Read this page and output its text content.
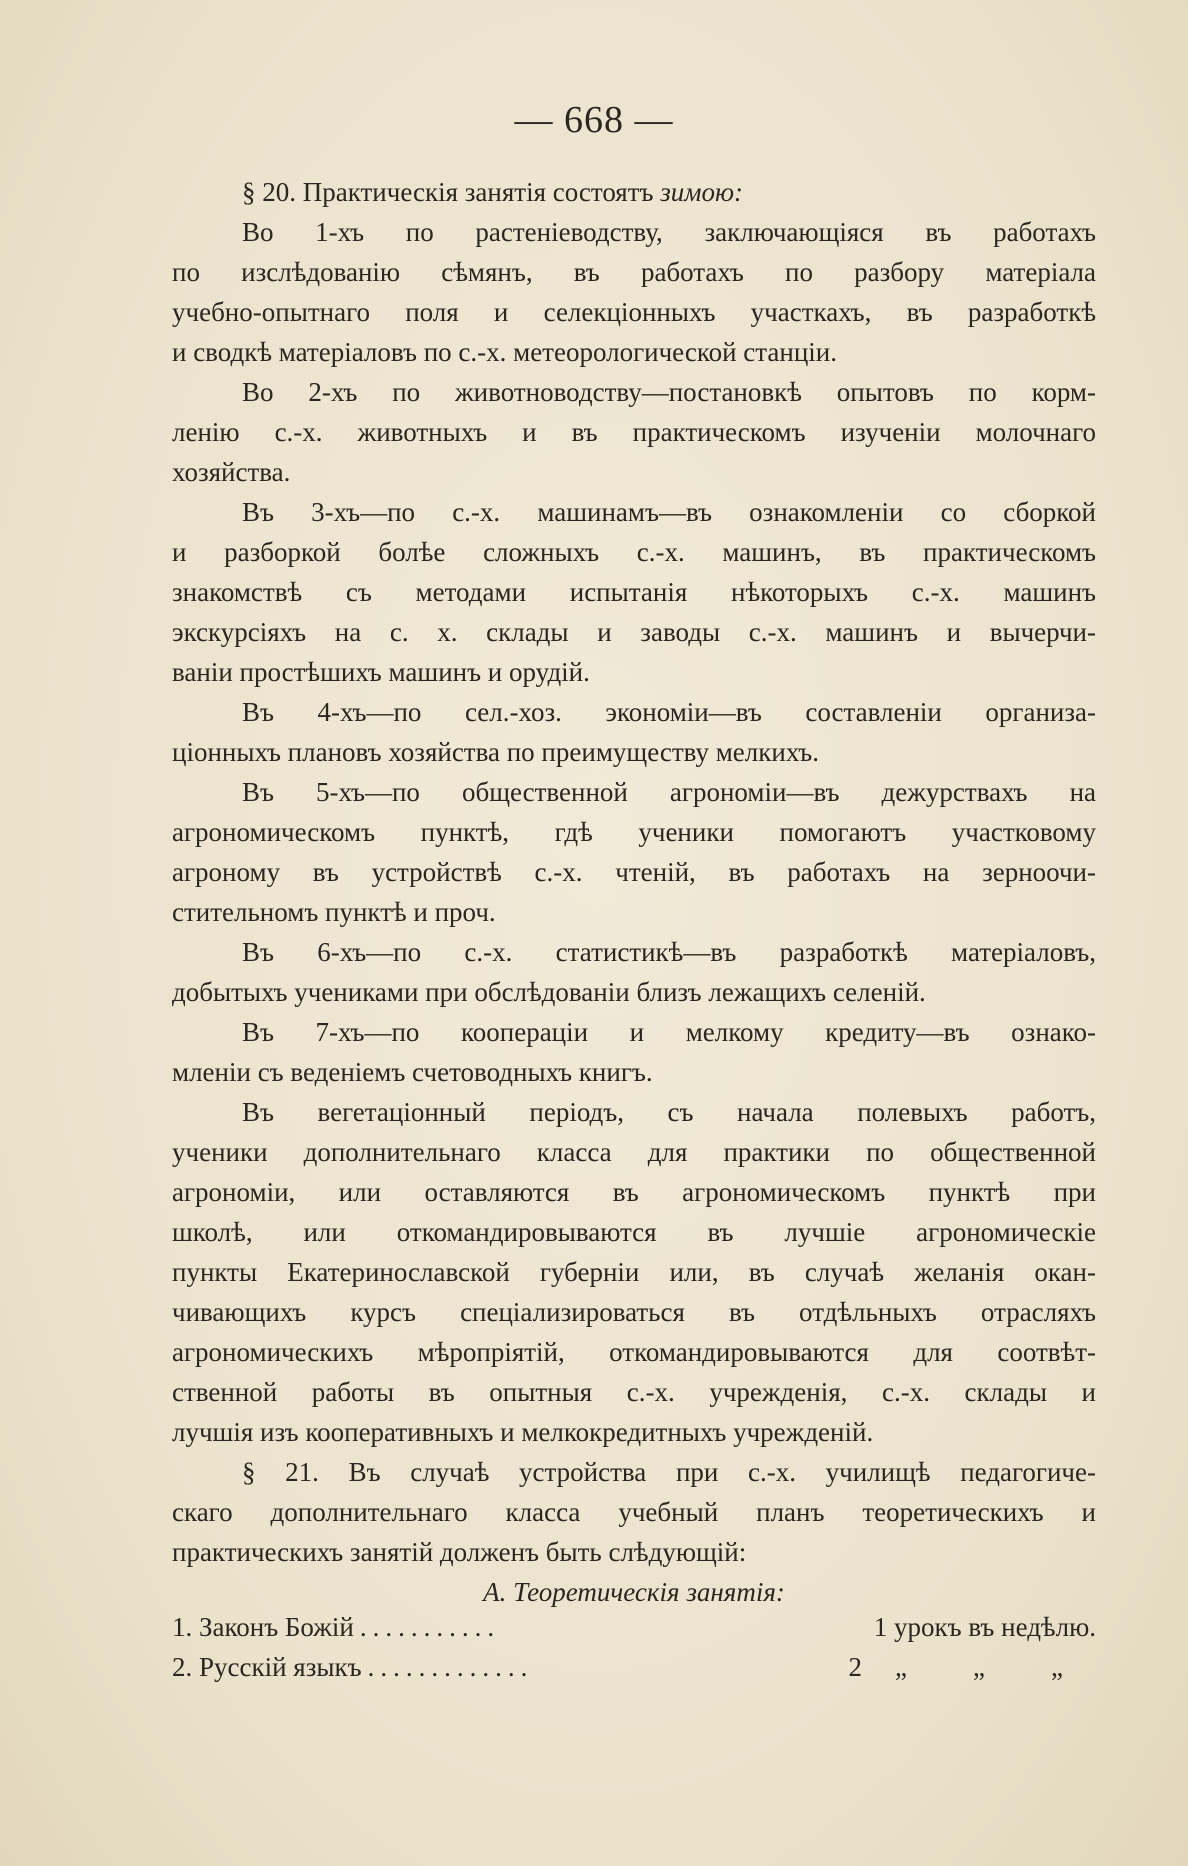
— 668 —
§ 20. Практическія занятія состоятъ зимою:
Во 1-хъ по растеніеводству, заключающіяся въ работахъ
по изслѣдованію сѣмянъ, въ работахъ по разбору матеріала
учебно-опытнаго поля и селекціонныхъ участкахъ, въ разработкѣ
и сводкѣ матеріаловъ по с.-х. метеорологической станціи.
Во 2-хъ по животноводству—постановкѣ опытовъ по корм-
ленію с.-х. животныхъ и въ практическомъ изученіи молочнаго
хозяйства.
Въ 3-хъ—по с.-х. машинамъ—въ ознакомленіи со сборкой
и разборкой болѣе сложныхъ с.-х. машинъ, въ практическомъ
знакомствѣ съ методами испытанія нѣкоторыхъ с.-х. машинъ
экскурсіяхъ на с. х. склады и заводы с.-х. машинъ и вычерчи-
ваніи простѣшихъ машинъ и орудій.
Въ 4-хъ—по сел.-хоз. экономіи—въ составленіи организа-
ціонныхъ плановъ хозяйства по преимуществу мелкихъ.
Въ 5-хъ—по общественной агрономіи—въ дежурствахъ на
агрономическомъ пунктѣ, гдѣ ученики помогаютъ участковому
агроному въ устройствѣ с.-х. чтеній, въ работахъ на зерноочи-
стительномъ пунктѣ и проч.
Въ 6-хъ—по с.-х. статистикѣ—въ разработкѣ матеріаловъ,
добытыхъ учениками при обслѣдованіи близъ лежащихъ селеній.
Въ 7-хъ—по коопераціи и мелкому кредиту—въ ознако-
мленіи съ веденіемъ счетоводныхъ книгъ.
Въ вегетаціонный періодъ, съ начала полевыхъ работъ,
ученики дополнительнаго класса для практики по общественной
агрономіи, или оставляются въ агрономическомъ пунктѣ при
школѣ, или откомандировываются въ лучшіе агрономическіе
пункты Екатеринославской губерніи или, въ случаѣ желанія окан-
чивающихъ курсъ спеціализироваться въ отдѣльныхъ отрасляхъ
агрономическихъ мѣропріятій, откомандировываются для соотвѣт-
ственной работы въ опытныя с.-х. учрежденія, с.-х. склады и
лучшія изъ кооперативныхъ и мелкокредитныхъ учрежденій.
§ 21. Въ случаѣ устройства при с.-х. училищѣ педагогиче-
скаго дополнительнаго класса учебный планъ теоретическихъ и
практическихъ занятій долженъ быть слѣдующій:
А. Теоретическія занятія:
1. Законъ Божій ...........	1 урокъ въ недѣлю.
2. Русскій языкъ .............	2 „ „ „
